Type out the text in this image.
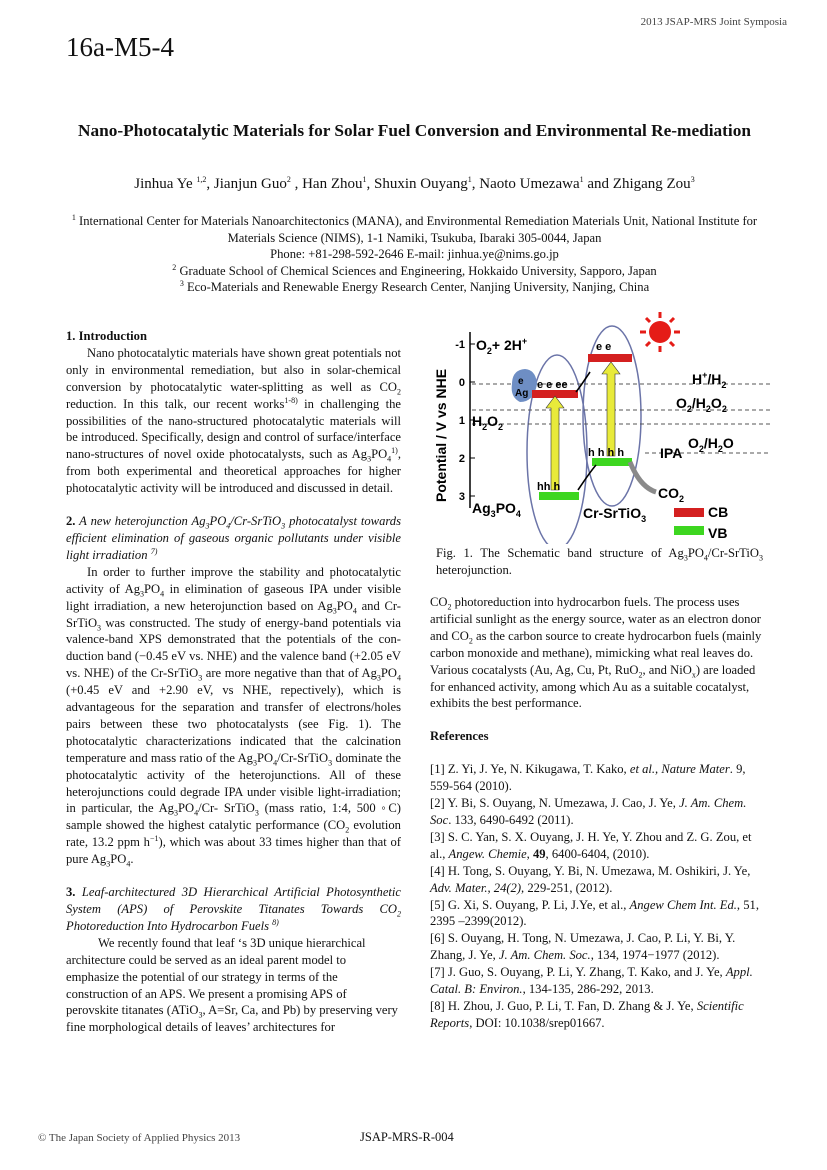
2013 JSAP-MRS Joint Symposia
16a-M5-4
Nano-Photocatalytic Materials for Solar Fuel Conversion and Environmental Re-mediation
Jinhua Ye $^{1,2}$, Jianjun Guo$^2$ , Han Zhou$^1$, Shuxin Ouyang$^1$, Naoto Umezawa$^1$ and Zhigang Zou$^3$
$^1$ International Center for Materials Nanoarchitectonics (MANA), and Environmental Remediation Materials Unit, National Institute for Materials Science (NIMS), 1-1 Namiki, Tsukuba, Ibaraki 305-0044, Japan
Phone: +81-298-592-2646 E-mail: jinhua.ye@nims.go.jp
$^2$ Graduate School of Chemical Sciences and Engineering, Hokkaido University, Sapporo, Japan
$^3$ Eco-Materials and Renewable Energy Research Center, Nanjing University, Nanjing, China

1. Introduction

Nano photocatalytic materials have shown great potentials not only in environmental remediation, but also in solar-chemical conversion by photocatalytic water-splitting as well as $CO_2$ reduction. In this talk, our recent works$^{1-8)}$ in challenging the possibilities of the nano-structured photocatalytic materials will be introduced. Specifically, design and control of surface/interface nano-structures of novel oxide photocatalysts, such as $Ag_3PO_4^{1)}$, from both experimental and theoretical approaches for higher photocatalytic activity will be introduced and discussed in detail.

2. A new heterojunction $Ag_3PO_4/Cr-SrTiO_3$ photocatalyst towards efficient elimination of gaseous organic pollutants under visible light irradiation $^{7)}$

In order to further improve the stability and photocatalytic activity of $Ag_3PO_4$ in elimination of gaseous IPA under visible light irradiation, a new heterojunction based on $Ag_3PO_4$ and Cr-SrTiO$_3$ was constructed. The study of energy-band potentials via valence-band XPS demonstrated that the potentials of the con-duction band (−0.45 eV vs. NHE) and the valence band (+2.05 eV vs. NHE) of the Cr-SrTiO$_3$ are more negative than that of $Ag_3PO_4$ (+0.45 eV and +2.90 eV, vs NHE, repectively), which is advantageous for the separation and transfer of electrons/holes pairs between these two photocatalysts (see Fig. 1). The photocatalytic characterizations indicated that the calcination temperature and mass ratio of the $Ag_3PO_4/Cr-SrTiO_3$ dominate the photocatalytic activity of the heterojunctions. All of these heterojunctions could degrade IPA under visible light-irradiation; in particular, the $Ag_3PO_4/Cr-$ SrTiO$_3$ (mass ratio, 1:4, 500 ◦C) sample showed the highest catalytic performance ($CO_2$ evolution rate, 13.2 ppm $h^{-1}$), which was about 33 times higher than that of pure $Ag_3PO_4$.

3. Leaf-architectured 3D Hierarchical Artificial Photosynthetic System (APS) of Perovskite Titanates Towards $CO_2$ Photoreduction Into Hydrocarbon Fuels $^{8)}$

We recently found that leaf ‘s 3D unique hierarchical architecture could be served as an ideal parent model to emphasize the potential of our strategy in terms of the construction of an APS. We present a promising APS of perovskite titanates (ATiO$_3$, A=Sr, Ca, and Pb) by preserving very fine morphological details of leaves’ architectures for

-1
0
1
2
3
Potential / V vs NHE
$O_2+ 2H^+$
$H_2O_2$
$H^+/H_2$
$O_2/H_2O_2$
$O_2/H_2O$
IPA
$CO_2$
$Ag_3PO_4$	Cr-SrTiO$_3$
e
Ag
e e ee
hh h
e e
h h h h
CB
VB
Fig. 1. The Schematic band structure of $Ag_3PO_4/Cr-SrTiO_3$ heterojunction.

$CO_2$ photoreduction into hydrocarbon fuels. The process uses artificial sunlight as the energy source, water as an electron donor and $CO_2$ as the carbon source to create hydrocarbon fuels (mainly carbon monoxide and methane), mimicking what real leaves do. Various cocatalysts (Au, Ag, Cu, Pt, RuO$_2$, and NiO$_x$) are loaded for enhanced activity, among which Au as a suitable cocatalyst, exhibits the best performance.

References

[1] Z. Yi, J. Ye, N. Kikugawa, T. Kako, et al., Nature Mater. 9, 559-564 (2010).

[2] Y. Bi, S. Ouyang, N. Umezawa, J. Cao, J. Ye, J. Am. Chem. Soc. 133, 6490-6492 (2011).

[3] S. C. Yan, S. X. Ouyang, J. H. Ye, Y. Zhou and Z. G. Zou, et al., Angew. Chemie, 49, 6400-6404, (2010).

[4] H. Tong, S. Ouyang, Y. Bi, N. Umezawa, M. Oshikiri, J. Ye, Adv. Mater., 24(2), 229-251, (2012).

[5] G. Xi, S. Ouyang, P. Li, J.Ye, et al., Angew Chem Int. Ed., 51, 2395 –2399(2012).

[6] S. Ouyang, H. Tong, N. Umezawa, J. Cao, P. Li, Y. Bi, Y. Zhang, J. Ye, J. Am. Chem. Soc., 134, 1974−1977 (2012).

[7] J. Guo, S. Ouyang, P. Li, Y. Zhang, T. Kako, and J. Ye, Appl. Catal. B: Environ., 134-135, 286-292, 2013.

[8] H. Zhou, J. Guo, P. Li, T. Fan, D. Zhang & J. Ye, Scientific Reports, DOI: 10.1038/srep01667.

© The Japan Society of Applied Physics 2013	JSAP-MRS-R-004
